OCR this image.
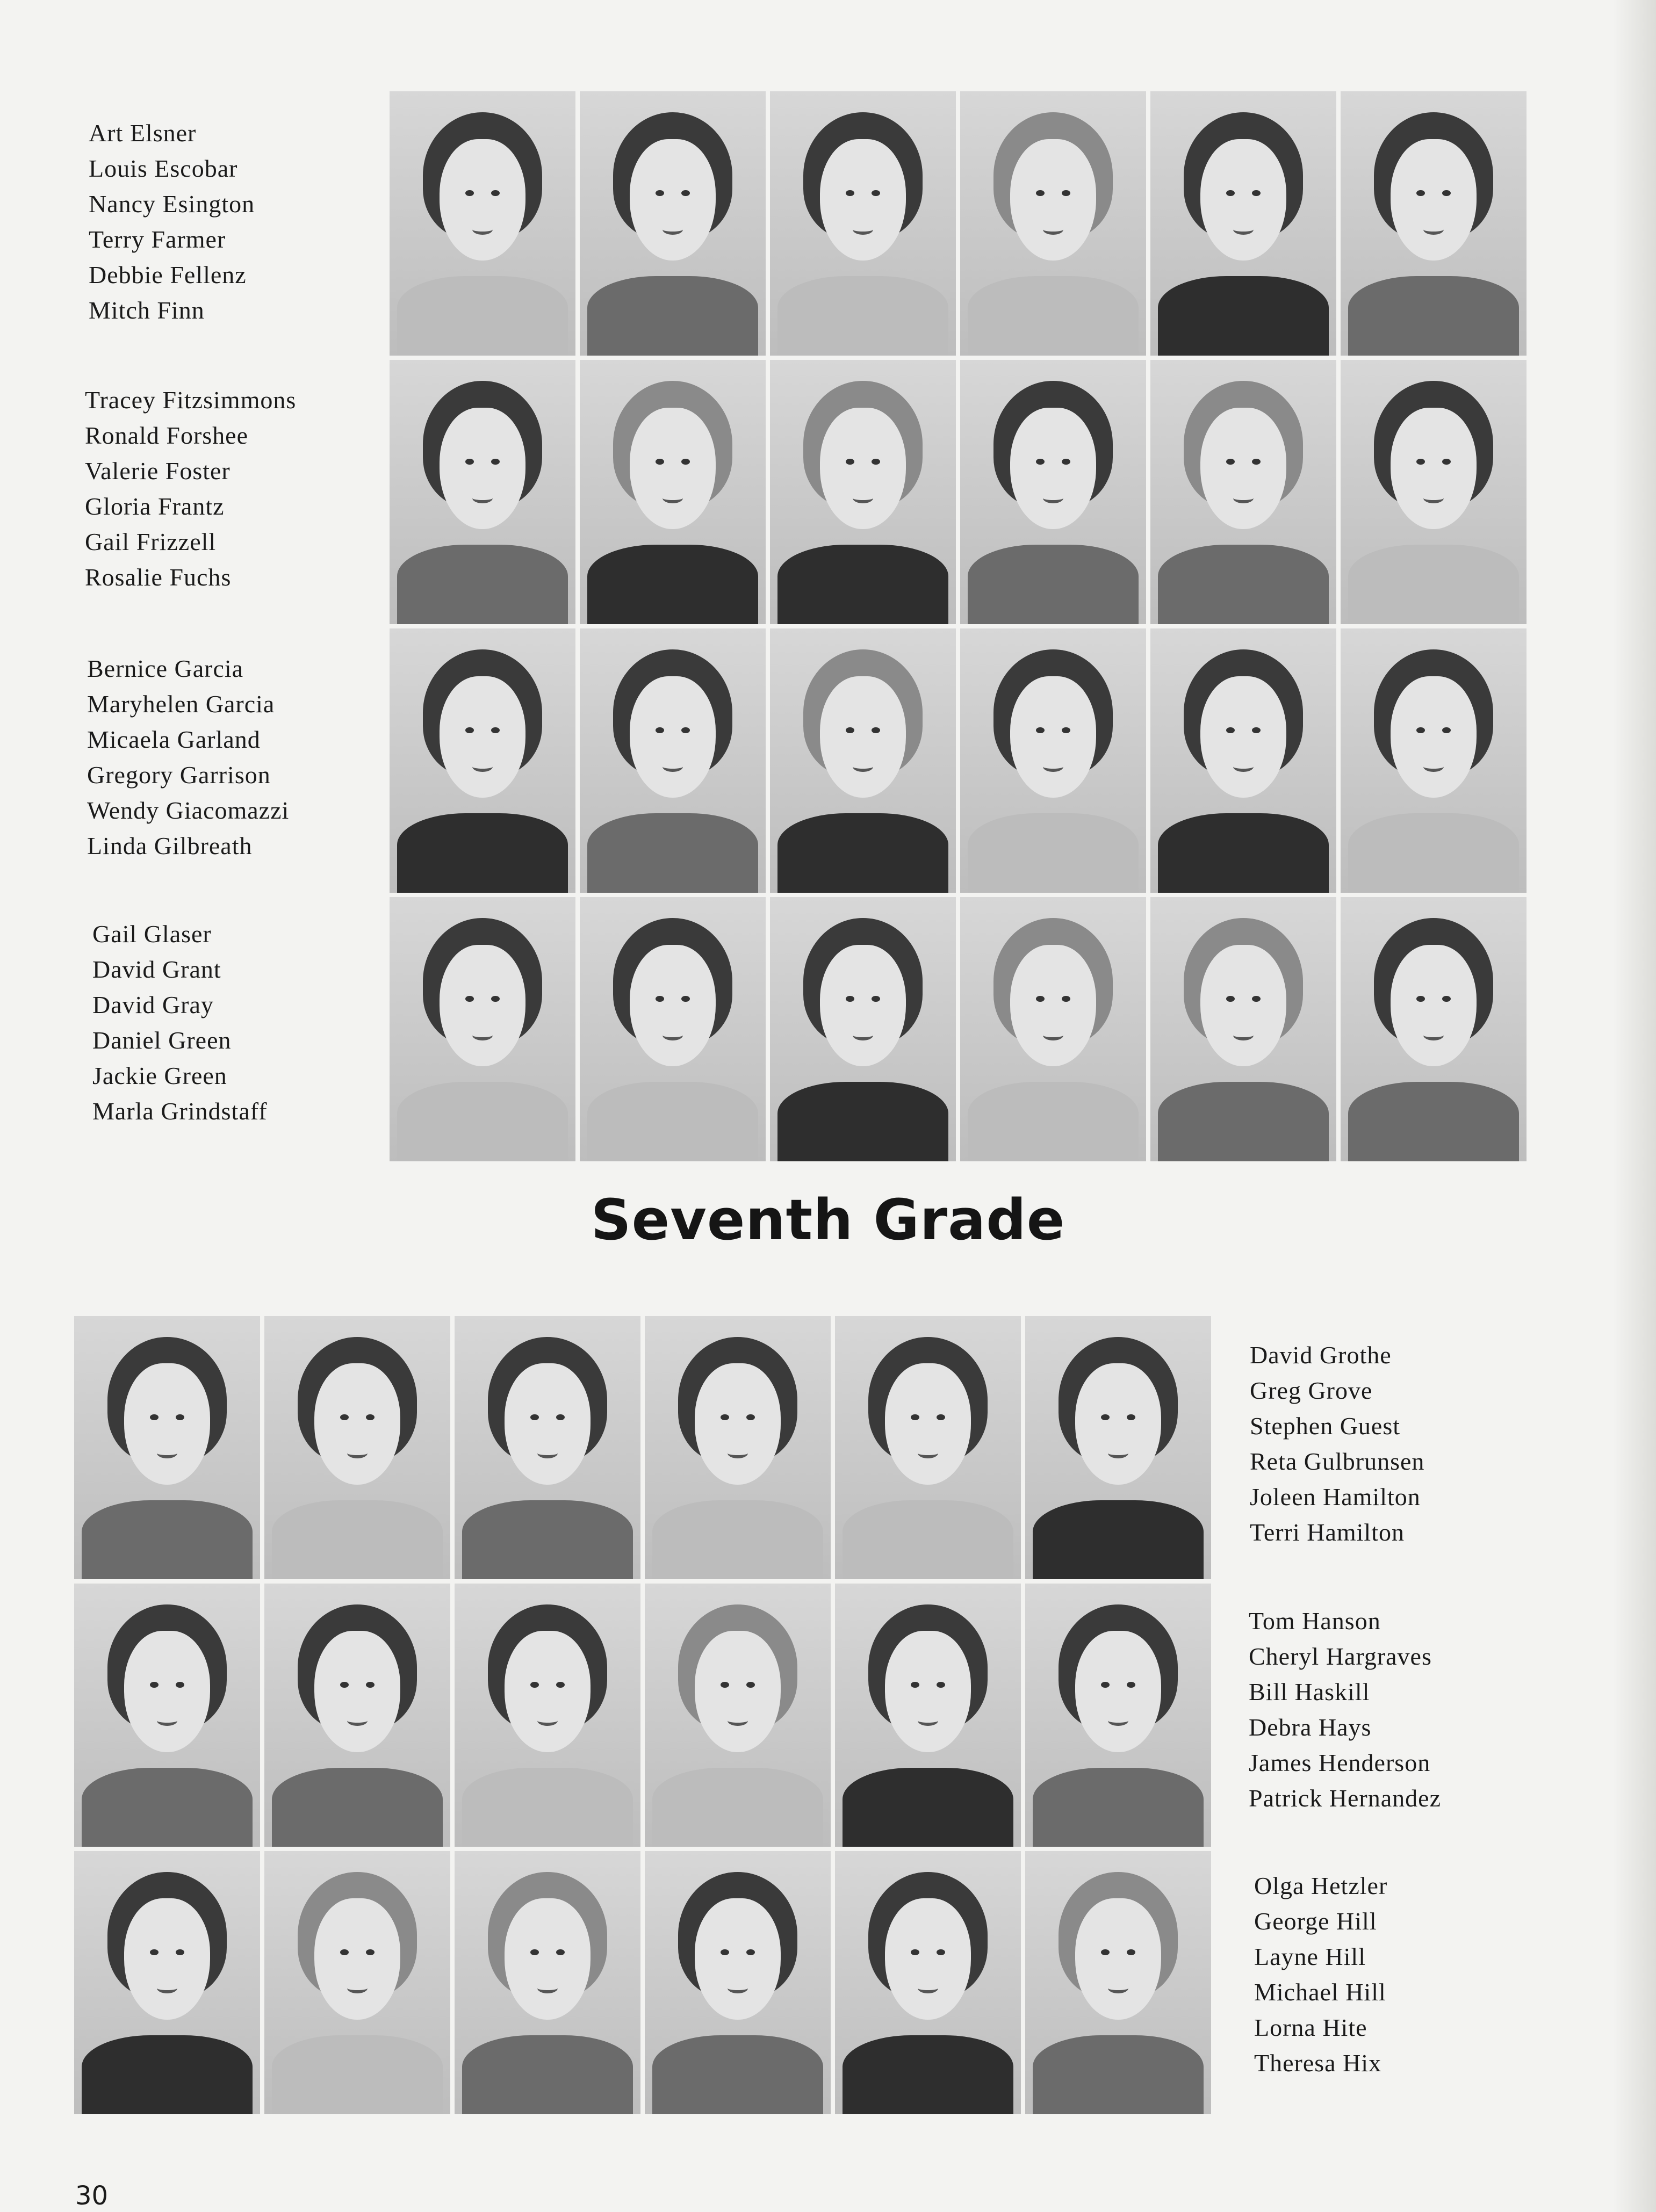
Art Elsner
Louis Escobar
Nancy Esington
Terry Farmer
Debbie Fellenz
Mitch Finn
Tracey Fitzsimmons
Ronald Forshee
Valerie Foster
Gloria Frantz
Gail Frizzell
Rosalie Fuchs
Bernice Garcia
Maryhelen Garcia
Micaela Garland
Gregory Garrison
Wendy Giacomazzi
Linda Gilbreath
Gail Glaser
David Grant
David Gray
Daniel Green
Jackie Green
Marla Grindstaff
Seventh Grade
David Grothe
Greg Grove
Stephen Guest
Reta Gulbrunsen
Joleen Hamilton
Terri Hamilton
Tom Hanson
Cheryl Hargraves
Bill Haskill
Debra Hays
James Henderson
Patrick Hernandez
Olga Hetzler
George Hill
Layne Hill
Michael Hill
Lorna Hite
Theresa Hix
30
